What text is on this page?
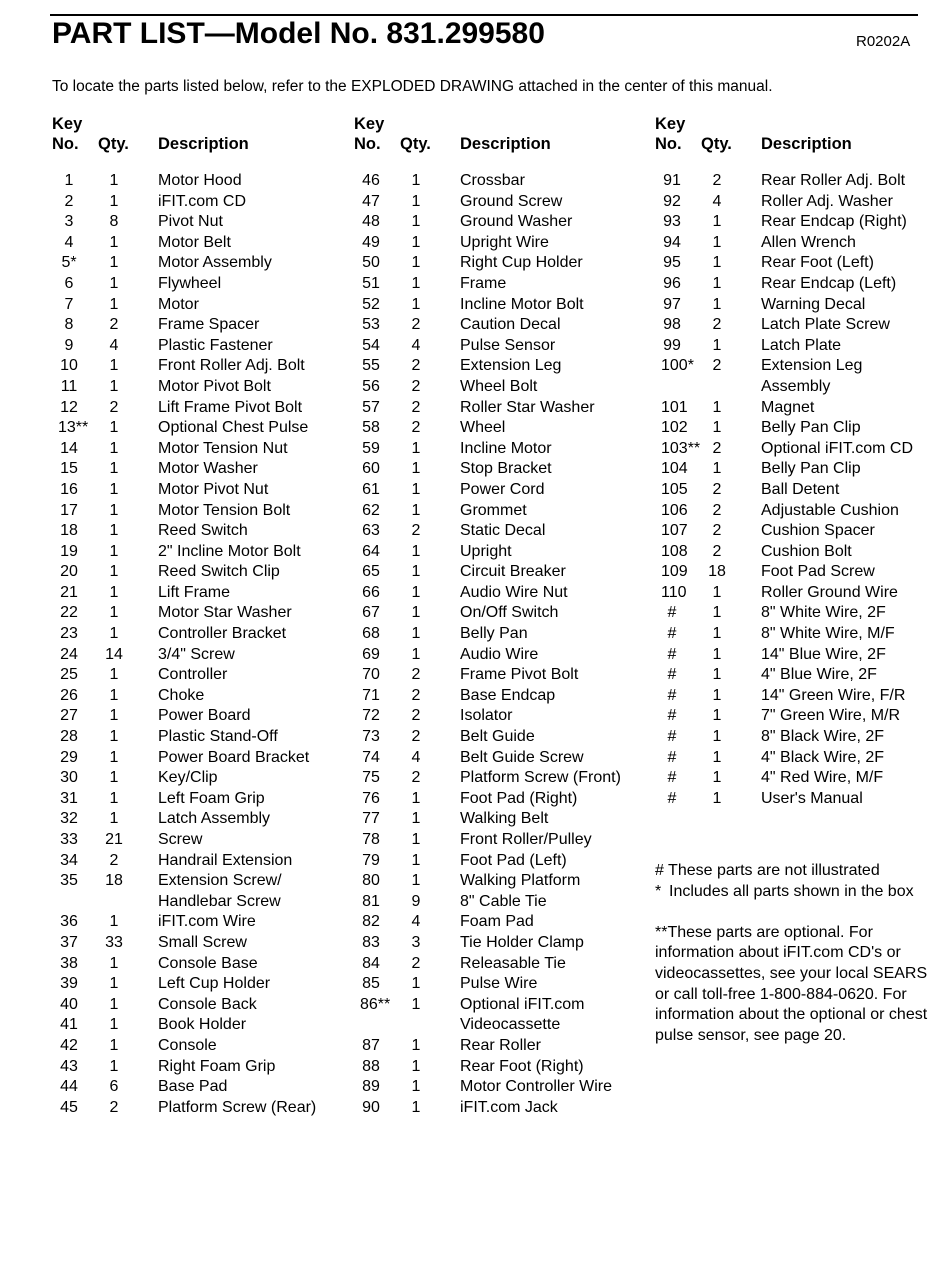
PART LIST—Model No. 831.299580	R0202A
To locate the parts listed below, refer to the EXPLODED DRAWING attached in the center of this manual.
Key
No. Qty. Description
1	1	Motor Hood
2	1	iFIT.com CD
3	8	Pivot Nut
4	1	Motor Belt
5*	1	Motor Assembly
6	1	Flywheel
7	1	Motor
8	2	Frame Spacer
9	4	Plastic Fastener
10	1	Front Roller Adj. Bolt
11	1	Motor Pivot Bolt
12	2	Lift Frame Pivot Bolt
13**	1	Optional Chest Pulse
14	1	Motor Tension Nut
15	1	Motor Washer
16	1	Motor Pivot Nut
17	1	Motor Tension Bolt
18	1	Reed Switch
19	1	2" Incline Motor Bolt
20	1	Reed Switch Clip
21	1	Lift Frame
22	1	Motor Star Washer
23	1	Controller Bracket
24	14	3/4" Screw
25	1	Controller
26	1	Choke
27	1	Power Board
28	1	Plastic Stand-Off
29	1	Power Board Bracket
30	1	Key/Clip
31	1	Left Foam Grip
32	1	Latch Assembly
33	21	Screw
34	2	Handrail Extension
35	18	Extension Screw/
Handlebar Screw
36	1	iFIT.com Wire
37	33	Small Screw
38	1	Console Base
39	1	Left Cup Holder
40	1	Console Back
41	1	Book Holder
42	1	Console
43	1	Right Foam Grip
44	6	Base Pad
45	2	Platform Screw (Rear)
Key
No. Qty. Description
46	1	Crossbar
47	1	Ground Screw
48	1	Ground Washer
49	1	Upright Wire
50	1	Right Cup Holder
51	1	Frame
52	1	Incline Motor Bolt
53	2	Caution Decal
54	4	Pulse Sensor
55	2	Extension Leg
56	2	Wheel Bolt
57	2	Roller Star Washer
58	2	Wheel
59	1	Incline Motor
60	1	Stop Bracket
61	1	Power Cord
62	1	Grommet
63	2	Static Decal
64	1	Upright
65	1	Circuit Breaker
66	1	Audio Wire Nut
67	1	On/Off Switch
68	1	Belly Pan
69	1	Audio Wire
70	2	Frame Pivot Bolt
71	2	Base Endcap
72	2	Isolator
73	2	Belt Guide
74	4	Belt Guide Screw
75	2	Platform Screw (Front)
76	1	Foot Pad (Right)
77	1	Walking Belt
78	1	Front Roller/Pulley
79	1	Foot Pad (Left)
80	1	Walking Platform
81	9	8" Cable Tie
82	4	Foam Pad
83	3	Tie Holder Clamp
84	2	Releasable Tie
85	1	Pulse Wire
86**	1	Optional iFIT.com
Videocassette
87	1	Rear Roller
88	1	Rear Foot (Right)
89	1	Motor Controller Wire
90	1	iFIT.com Jack
Key
No. Qty. Description
91	2	Rear Roller Adj. Bolt
92	4	Roller Adj. Washer
93	1	Rear Endcap (Right)
94	1	Allen Wrench
95	1	Rear Foot (Left)
96	1	Rear Endcap (Left)
97	1	Warning Decal
98	2	Latch Plate Screw
99	1	Latch Plate
100*	2	Extension Leg
Assembly
101	1	Magnet
102	1	Belly Pan Clip
103** 2	Optional iFIT.com CD
104	1	Belly Pan Clip
105	2	Ball Detent
106	2	Adjustable Cushion
107	2	Cushion Spacer
108	2	Cushion Bolt
109	18	Foot Pad Screw
110	1	Roller Ground Wire
#	1	8" White Wire, 2F
#	1	8" White Wire, M/F
#	1	14" Blue Wire, 2F
#	1	4" Blue Wire, 2F
#	1	14" Green Wire, F/R
#	1	7" Green Wire, M/R
#	1	8" Black Wire, 2F
#	1	4" Black Wire, 2F
#	1	4" Red Wire, M/F
#	1	User's Manual
# These parts are not illustrated
* Includes all parts shown in the box
**These parts are optional. For information about iFIT.com CD's or videocassettes, see your local SEARS or call toll-free 1-800-884-0620. For information about the optional or chest pulse sensor, see page 20.
